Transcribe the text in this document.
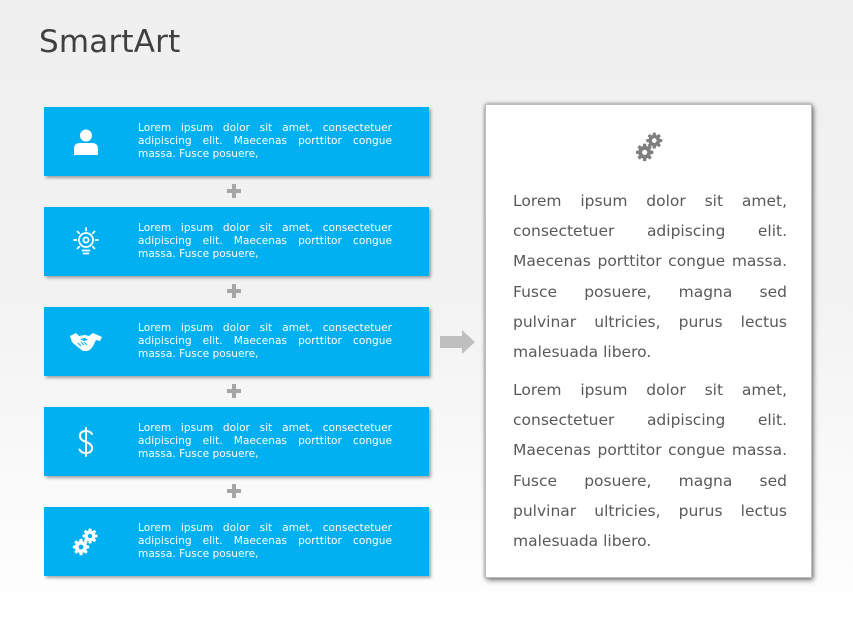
SmartArt
Lorem ipsum dolor sit amet, consectetuer adipiscing elit. Maecenas porttitor congue massa. Fusce posuere,
Lorem ipsum dolor sit amet, consectetuer adipiscing elit. Maecenas porttitor congue massa. Fusce posuere,
Lorem ipsum dolor sit amet, consectetuer adipiscing elit. Maecenas porttitor congue massa. Fusce posuere,
Lorem ipsum dolor sit amet, consectetuer adipiscing elit. Maecenas porttitor congue massa. Fusce posuere,
Lorem ipsum dolor sit amet, consectetuer adipiscing elit. Maecenas porttitor congue massa. Fusce posuere,
Lorem ipsum dolor sit amet, consectetuer adipiscing elit. Maecenas porttitor congue massa. Fusce posuere, magna sed pulvinar ultricies, purus lectus malesuada libero.
Lorem ipsum dolor sit amet, consectetuer adipiscing elit. Maecenas porttitor congue massa. Fusce posuere, magna sed pulvinar ultricies, purus lectus malesuada libero.
